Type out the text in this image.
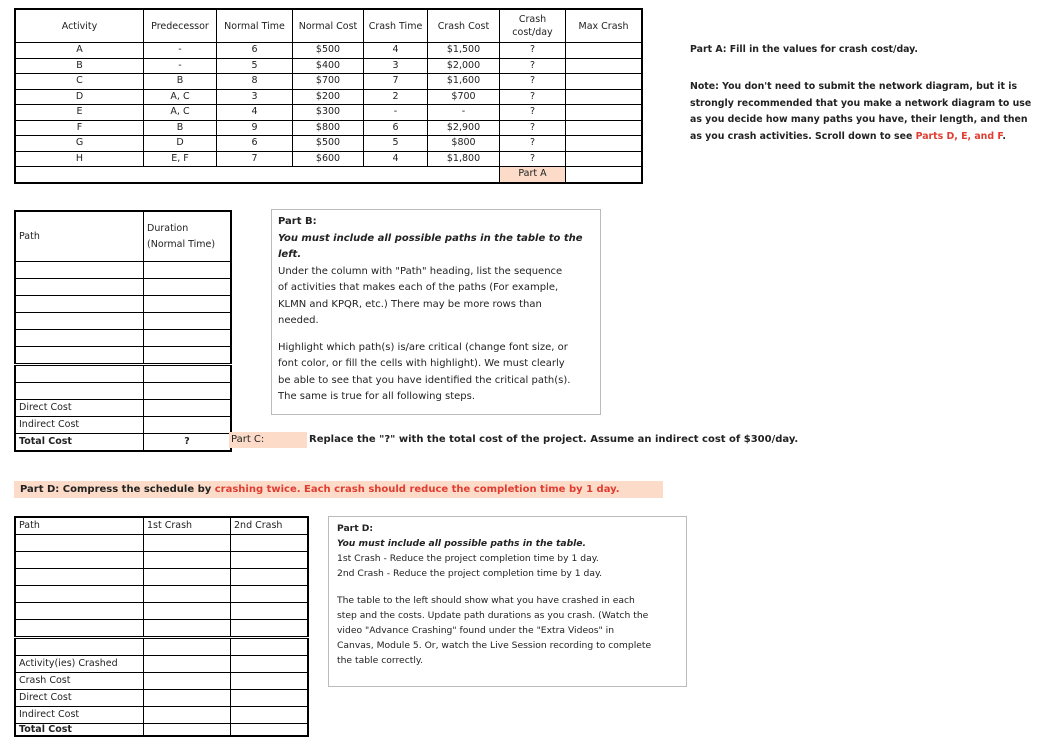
Activity	Predecessor	Normal Time	Normal Cost	Crash Time	Crash Cost	Crash cost/day	Max Crash
A	-	6	$500	4	$1,500	?	
B	-	5	$400	3	$2,000	?	
C	B	8	$700	7	$1,600	?	
D	A, C	3	$200	2	$700	?	
E	A, C	4	$300	-	-	?	
F	B	9	$800	6	$2,900	?	
G	D	6	$500	5	$800	?	
H	E, F	7	$600	4	$1,800	?	
						Part A	
Part A: Fill in the values for crash cost/day.

Note: You don't need to submit the network diagram, but it is

strongly recommended that you make a network diagram to use

as you decide how many paths you have, their length, and then

as you crash activities. Scroll down to see Parts D, E, and F.

Path	Duration
(Normal Time)

Direct Cost	
Indirect Cost	
Total Cost	?

Part B:

You must include all possible paths in the table to the

left.

Under the column with "Path" heading, list the sequence

of activities that makes each of the paths (For example,

KLMN and KPQR, etc.) There may be more rows than

needed.

Highlight which path(s) is/are critical (change font size, or

font color, or fill the cells with highlight). We must clearly

be able to see that you have identified the critical path(s).

The same is true for all following steps.

Part C:	Replace the "?" with the total cost of the project. Assume an indirect cost of $300/day.
Part D: Compress the schedule by crashing twice. Each crash should reduce the completion time by 1 day.
Path	1st Crash	2nd Crash

Activity(ies) Crashed		
Crash Cost		
Direct Cost		
Indirect Cost		
Total Cost		

Part D:

You must include all possible paths in the table.

1st Crash - Reduce the project completion time by 1 day.

2nd Crash - Reduce the project completion time by 1 day.

The table to the left should show what you have crashed in each

step and the costs. Update path durations as you crash. (Watch the

video "Advance Crashing" found under the "Extra Videos" in

Canvas, Module 5. Or, watch the Live Session recording to complete

the table correctly.
